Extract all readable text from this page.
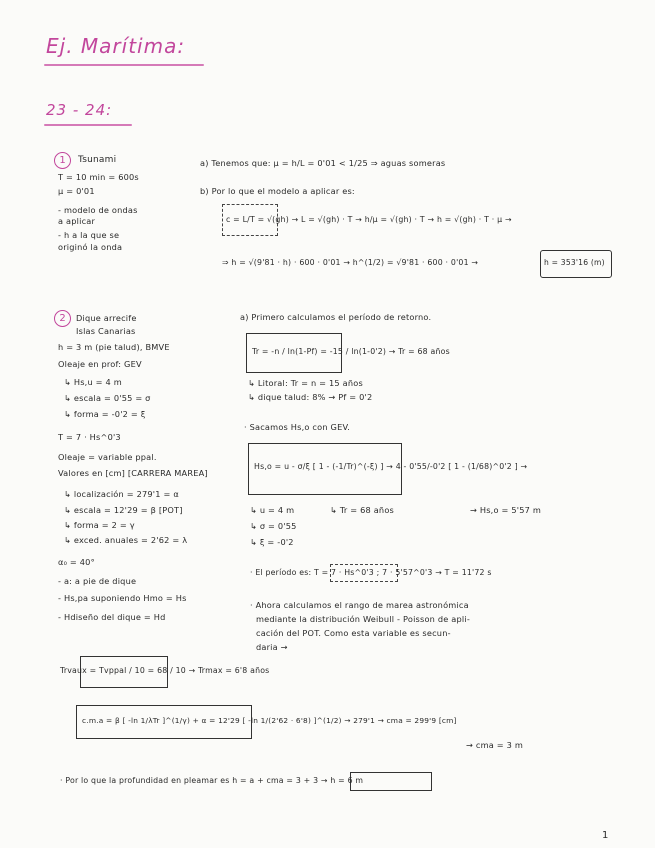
Ej. Marítima:
23 - 24:
1	Tsunami
T = 10 min = 600s
μ = 0'01
- modelo de ondas
a aplicar
- h a la que se
originó la onda
a) Tenemos que: μ = h/L = 0'01 < 1/25 ⇒ aguas someras
b) Por lo que el modelo a aplicar es:
c = L/T = √(gh) → L = √(gh) · T → h/μ = √(gh) · T → h = √(gh) · T · μ →
⇒ h = √(9'81 · h) · 600 · 0'01 → h^(1/2) = √9'81 · 600 · 0'01 →	h = 353'16 (m)
2	Dique arrecife
Islas Canarias
h = 3 m (pie talud), BMVE
Oleaje en prof: GEV
↳ Hs,u = 4 m
↳ escala = 0'55 = σ
↳ forma = -0'2 = ξ
T = 7 · Hs^0'3
Oleaje = variable ppal.
Valores en [cm] [CARRERA MAREA]
↳ localización = 279'1 = α
↳ escala = 12'29 = β [POT]
↳ forma = 2 = γ
↳ exced. anuales = 2'62 = λ
α₀ = 40°
- a: a pie de dique
- Hs,pa suponiendo Hmo = Hs
- Hdiseño del dique = Hd
a) Primero calculamos el período de retorno.
Tr = -n / ln(1-Pf) = -15 / ln(1-0'2) → Tr = 68 años
↳ Litoral: Tr = n = 15 años
↳ dique talud: 8% → Pf = 0'2
· Sacamos Hs,o con GEV.
Hs,o = u - σ/ξ [ 1 - (-1/Tr)^(-ξ) ] → 4 - 0'55/-0'2 [ 1 - (1/68)^0'2 ] →
↳ u = 4 m
↳ σ = 0'55
↳ ξ = -0'2
↳ Tr = 68 años	→ Hs,o = 5'57 m
· El período es: T = 7 · Hs^0'3 ; 7 · 5'57^0'3 → T = 11'72 s
· Ahora calculamos el rango de marea astronómica
mediante la distribución Weibull - Poisson de apli-
cación del POT. Como esta variable es secun-
daria →
Trvaux = Tvppal / 10 = 68 / 10 → Trmax = 6'8 años
c.m.a = β [ -ln 1/λTr ]^(1/γ) + α = 12'29 [ -ln 1/(2'62 · 6'8) ]^(1/2) → 279'1 → cma = 299'9 [cm]
→ cma = 3 m
· Por lo que la profundidad en pleamar es h = a + cma = 3 + 3 → h = 6 m
1
